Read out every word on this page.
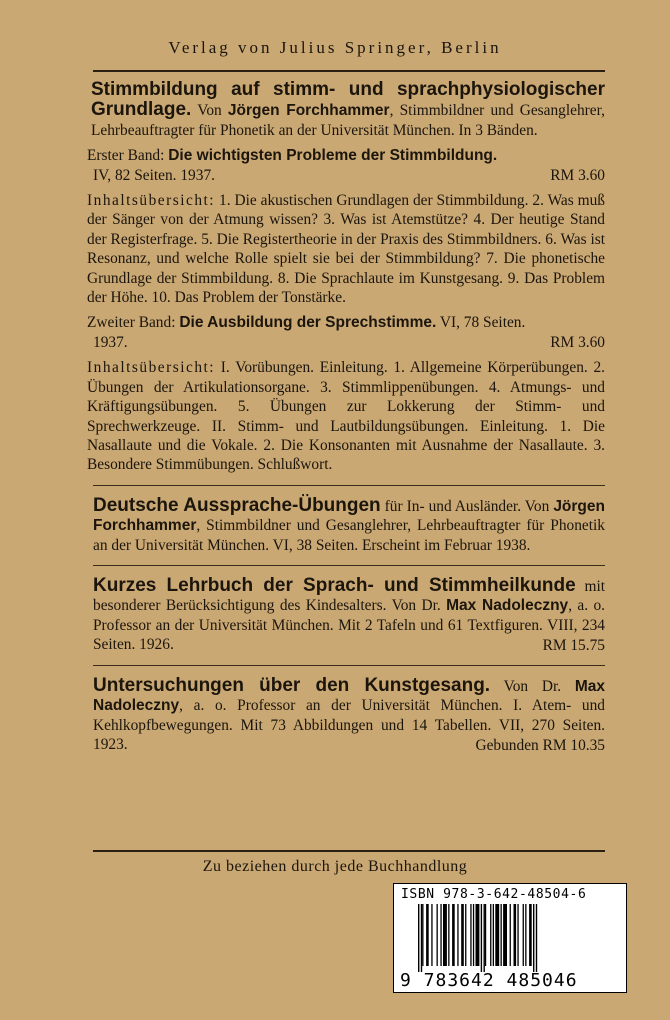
Verlag von Julius Springer, Berlin

Stimmbildung auf stimm- und sprachphysiologischer Grundlage. Von Jörgen Forchhammer, Stimmbildner und Gesanglehrer, Lehrbeauftragter für Phonetik an der Universität München. In 3 Bänden.

Erster Band: Die wichtigsten Probleme der Stimmbildung.

IV, 82 Seiten. 1937.	RM 3.60

Inhaltsübersicht: 1. Die akustischen Grundlagen der Stimmbildung. 2. Was muß der Sänger von der Atmung wissen? 3. Was ist Atemstütze? 4. Der heutige Stand der Registerfrage. 5. Die Registertheorie in der Praxis des Stimmbildners. 6. Was ist Resonanz, und welche Rolle spielt sie bei der Stimmbildung? 7. Die phonetische Grundlage der Stimmbildung. 8. Die Sprachlaute im Kunstgesang. 9. Das Problem der Höhe. 10. Das Problem der Tonstärke.

Zweiter Band: Die Ausbildung der Sprechstimme. VI, 78 Seiten.

1937.	RM 3.60

Inhaltsübersicht: I. Vorübungen. Einleitung. 1. Allgemeine Körperübungen. 2. Übungen der Artikulationsorgane. 3. Stimmlippenübungen. 4. Atmungs- und Kräftigungsübungen. 5. Übungen zur Lokkerung der Stimm- und Sprechwerkzeuge. II. Stimm- und Lautbildungsübungen. Einleitung. 1. Die Nasallaute und die Vokale. 2. Die Konsonanten mit Ausnahme der Nasallaute. 3. Besondere Stimmübungen. Schlußwort.

Deutsche Aussprache-Übungen für In- und Ausländer. Von Jörgen Forchhammer, Stimmbildner und Gesanglehrer, Lehrbeauftragter für Phonetik an der Universität München. VI, 38 Seiten. Erscheint im Februar 1938.

Kurzes Lehrbuch der Sprach- und Stimmheilkunde mit besonderer Berücksichtigung des Kindesalters. Von Dr. Max Nadoleczny, a. o. Professor an der Universität München. Mit 2 Tafeln und 61 Textfiguren. VIII, 234 Seiten. 1926.	RM 15.75

Untersuchungen über den Kunstgesang. Von Dr. Max Nadoleczny, a. o. Professor an der Universität München. I. Atem- und Kehlkopfbewegungen. Mit 73 Abbildungen und 14 Tabellen. VII, 270 Seiten. 1923.	Gebunden RM 10.35
Zu beziehen durch jede Buchhandlung
ISBN 978-3-642-48504-6
9 783642 485046
